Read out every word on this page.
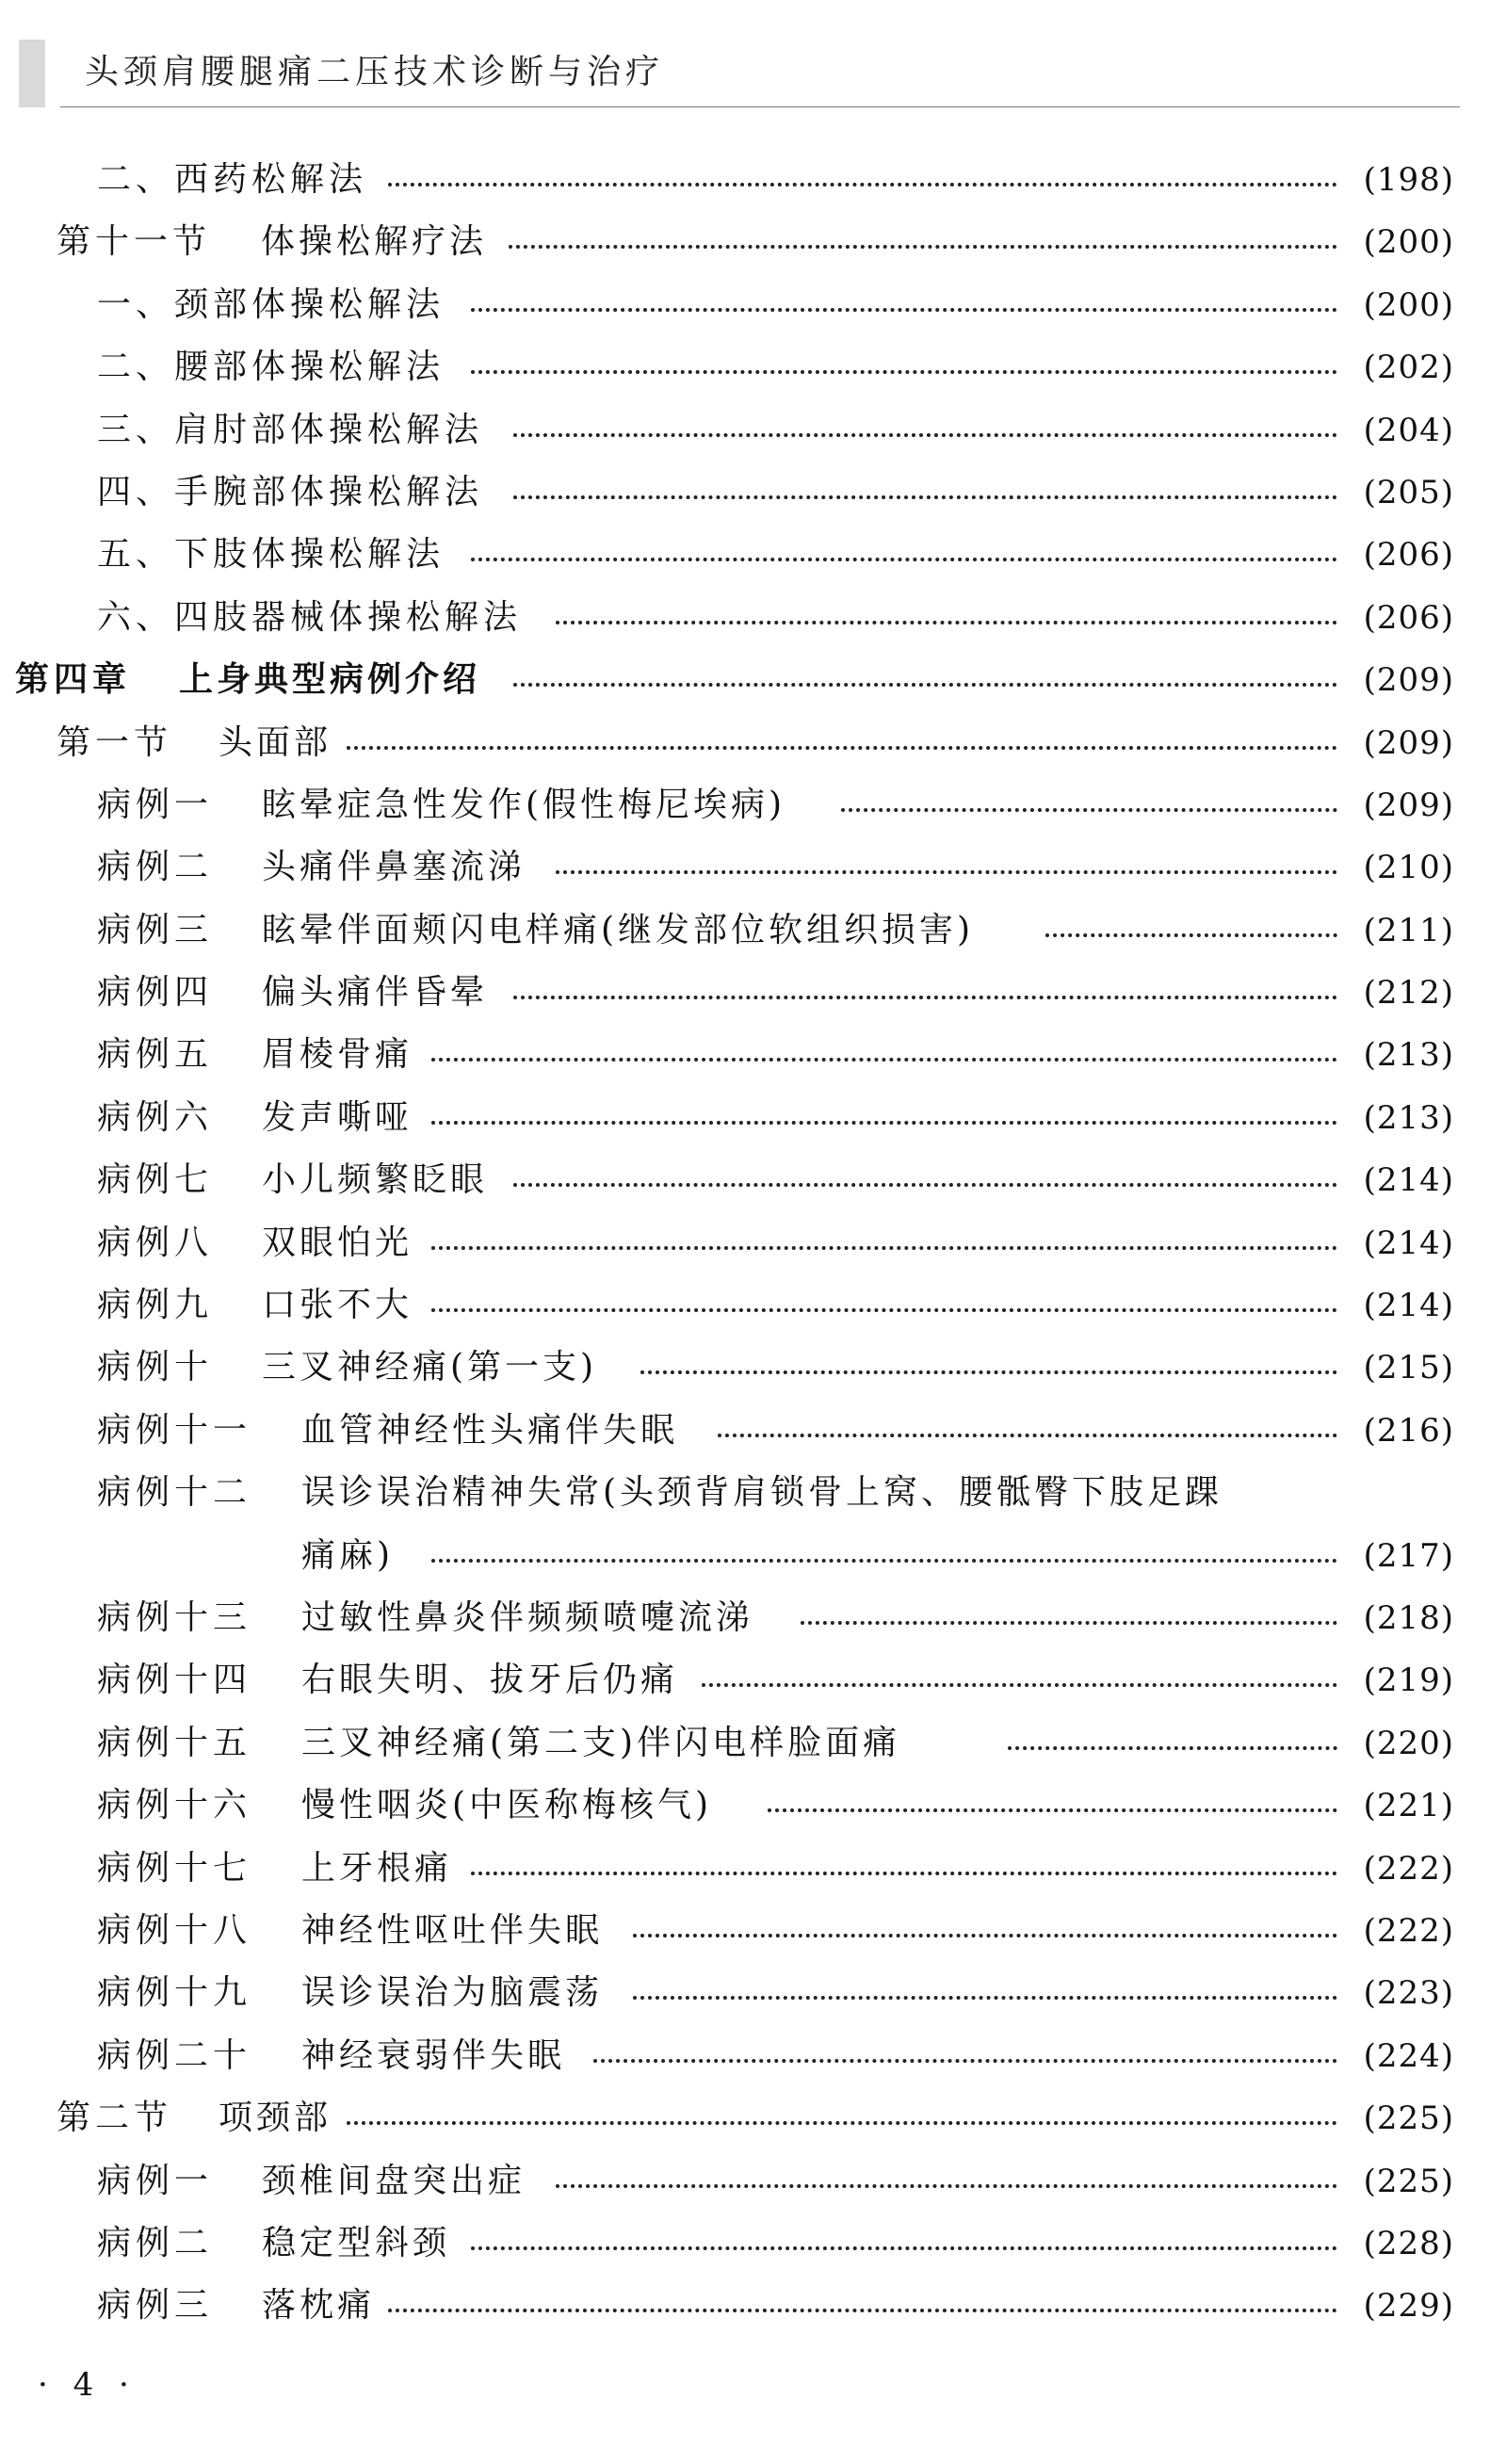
头颈肩腰腿痛二压技术诊断与治疗
二、西药松解法	(198)
第十一节 体操松解疗法	(200)
一、颈部体操松解法	(200)
二、腰部体操松解法	(202)
三、肩肘部体操松解法	(204)
四、手腕部体操松解法	(205)
五、下肢体操松解法	(206)
六、四肢器械体操松解法	(206)
第四章 上身典型病例介绍	(209)
第一节 头面部	(209)
病例一 眩晕症急性发作(假性梅尼埃病)	(209)
病例二 头痛伴鼻塞流涕	(210)
病例三 眩晕伴面颊闪电样痛(继发部位软组织损害)	(211)
病例四 偏头痛伴昏晕	(212)
病例五 眉棱骨痛	(213)
病例六 发声嘶哑	(213)
病例七 小儿频繁眨眼	(214)
病例八 双眼怕光	(214)
病例九 口张不大	(214)
病例十 三叉神经痛(第一支)	(215)
病例十一 血管神经性头痛伴失眠	(216)
病例十二 误诊误治精神失常(头颈背肩锁骨上窝、腰骶臀下肢足踝
痛麻)	(217)
病例十三 过敏性鼻炎伴频频喷嚏流涕	(218)
病例十四 右眼失明、拔牙后仍痛	(219)
病例十五 三叉神经痛(第二支)伴闪电样脸面痛	(220)
病例十六 慢性咽炎(中医称梅核气)	(221)
病例十七 上牙根痛	(222)
病例十八 神经性呕吐伴失眠	(222)
病例十九 误诊误治为脑震荡	(223)
病例二十 神经衰弱伴失眠	(224)
第二节 项颈部	(225)
病例一 颈椎间盘突出症	(225)
病例二 稳定型斜颈	(228)
病例三 落枕痛	(229)
· 4 ·
